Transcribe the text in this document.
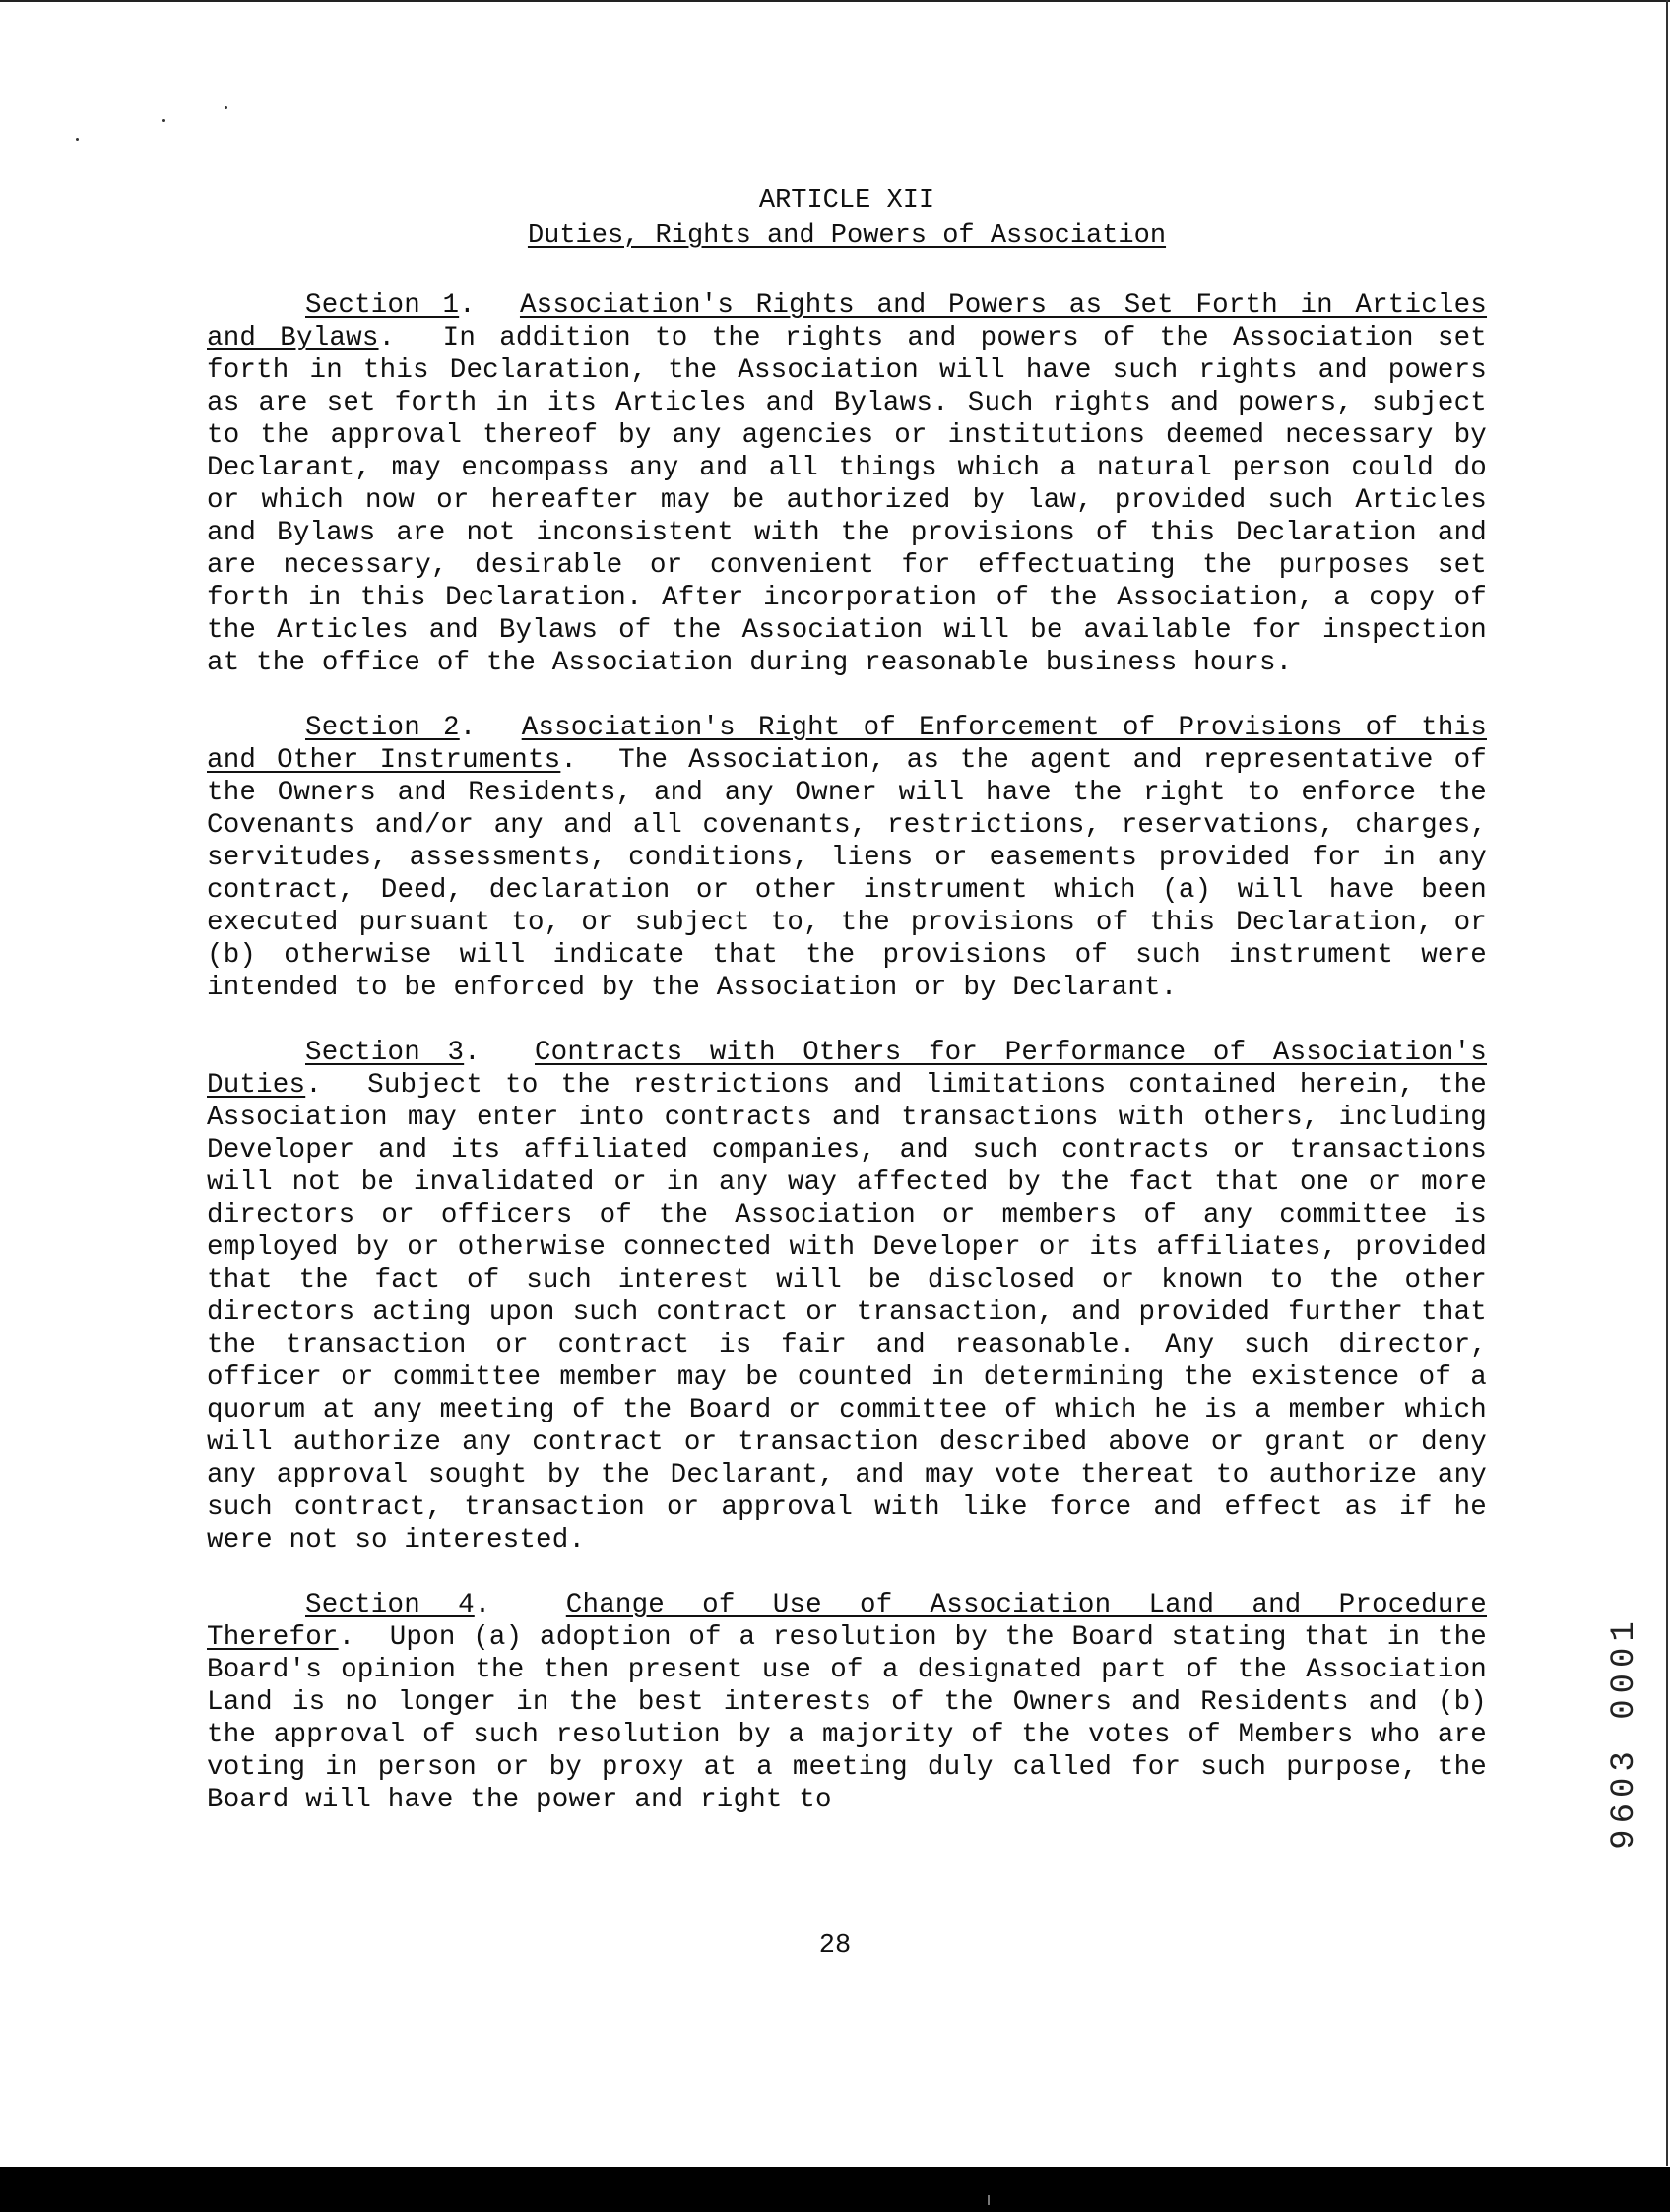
ARTICLE XII

Duties, Rights and Powers of Association

Section 1.  Association's Rights and Powers as Set Forth in Articles and Bylaws.  In addition to the rights and powers of the Association set forth in this Declaration, the Association will have such rights and powers as are set forth in its Articles and Bylaws. Such rights and powers, subject to the approval thereof by any agencies or institutions deemed necessary by Declarant, may encompass any and all things which a natural person could do or which now or hereafter may be authorized by law, provided such Articles and Bylaws are not inconsistent with the provisions of this Declaration and are necessary, desirable or convenient for effectuating the purposes set forth in this Declaration. After incorporation of the Association, a copy of the Articles and Bylaws of the Association will be available for inspection at the office of the Association during reasonable business hours.

Section 2.  Association's Right of Enforcement of Provisions of this and Other Instruments.  The Association, as the agent and representative of the Owners and Residents, and any Owner will have the right to enforce the Covenants and/or any and all covenants, restrictions, reservations, charges, servitudes, assessments, conditions, liens or easements provided for in any contract, Deed, declaration or other instrument which (a) will have been executed pursuant to, or subject to, the provisions of this Declaration, or (b) otherwise will indicate that the provisions of such instrument were intended to be enforced by the Association or by Declarant.

Section 3.  Contracts with Others for Performance of Association's Duties.  Subject to the restrictions and limitations contained herein, the Association may enter into contracts and transactions with others, including Developer and its affiliated companies, and such contracts or transactions will not be invalidated or in any way affected by the fact that one or more directors or officers of the Association or members of any committee is employed by or otherwise connected with Developer or its affiliates, provided that the fact of such interest will be disclosed or known to the other directors acting upon such contract or transaction, and provided further that the transaction or contract is fair and reasonable. Any such director, officer or committee member may be counted in determining the existence of a quorum at any meeting of the Board or committee of which he is a member which will authorize any contract or transaction described above or grant or deny any approval sought by the Declarant, and may vote thereat to authorize any such contract, transaction or approval with like force and effect as if he were not so interested.

Section 4.  Change of Use of Association Land and Procedure Therefor.  Upon (a) adoption of a resolution by the Board stating that in the Board's opinion the then present use of a designated part of the Association Land is no longer in the best interests of the Owners and Residents and (b) the approval of such resolution by a majority of the votes of Members who are voting in person or by proxy at a meeting duly called for such purpose, the Board will have the power and right to

28
9603 0001
